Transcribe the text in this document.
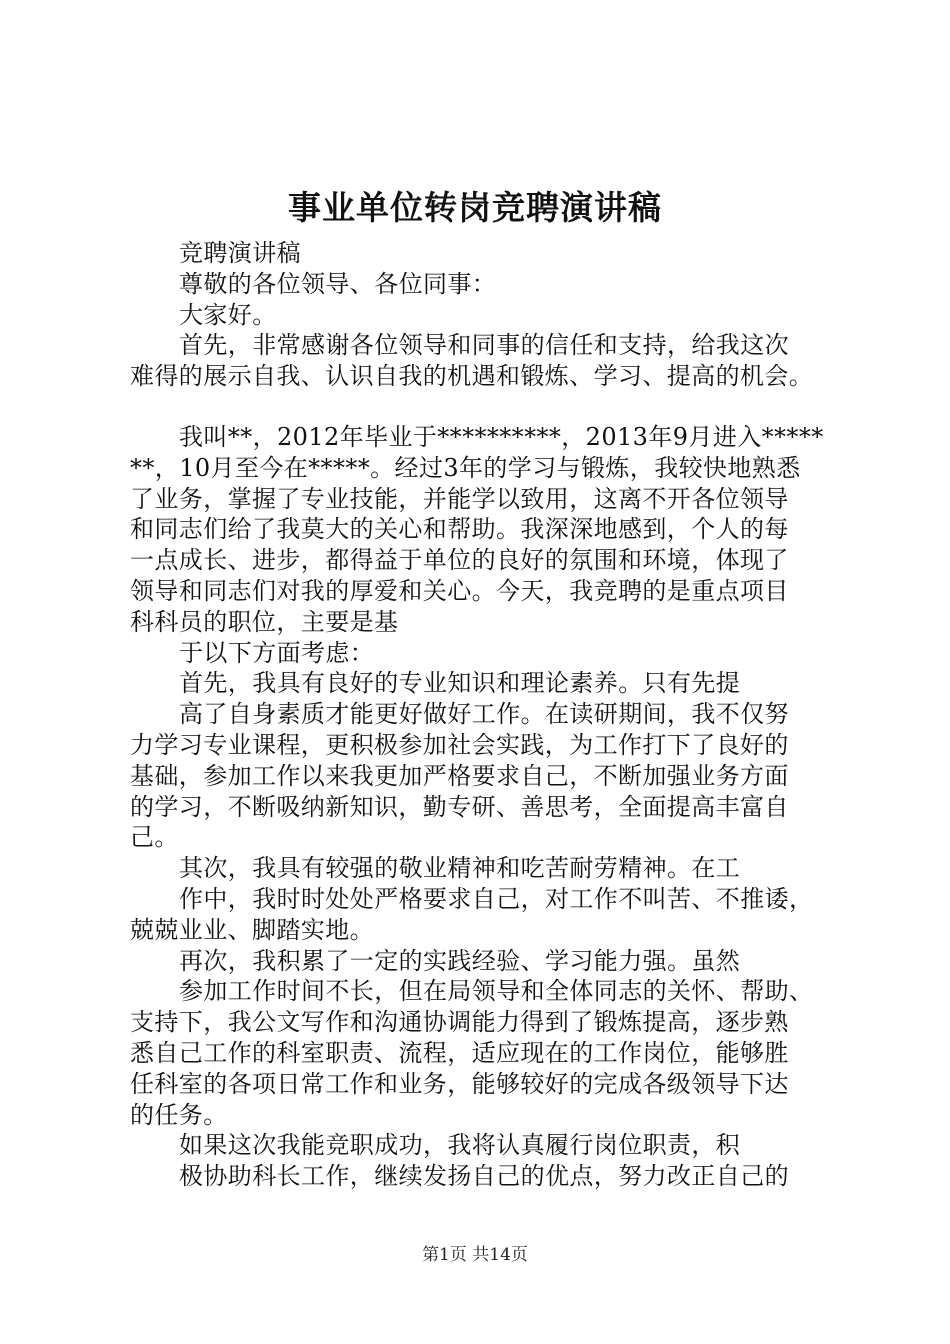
事业单位转岗竞聘演讲稿
竞聘演讲稿
尊敬的各位领导、各位同事：
大家好。
首先，非常感谢各位领导和同事的信任和支持，给我这次
难得的展示自我、认识自我的机遇和锻炼、学习、提高的机会。
我叫**，2012年毕业于**********，2013年9月进入*****
**，10月至今在*****。经过3年的学习与锻炼，我较快地熟悉
了业务，掌握了专业技能，并能学以致用，这离不开各位领导
和同志们给了我莫大的关心和帮助。我深深地感到，个人的每
一点成长、进步，都得益于单位的良好的氛围和环境，体现了
领导和同志们对我的厚爱和关心。今天，我竞聘的是重点项目
科科员的职位，主要是基
于以下方面考虑：
首先，我具有良好的专业知识和理论素养。只有先提
高了自身素质才能更好做好工作。在读研期间，我不仅努
力学习专业课程，更积极参加社会实践，为工作打下了良好的
基础，参加工作以来我更加严格要求自己，不断加强业务方面
的学习，不断吸纳新知识，勤专研、善思考，全面提高丰富自
己。
其次，我具有较强的敬业精神和吃苦耐劳精神。在工
作中，我时时处处严格要求自己，对工作不叫苦、不推诿，
兢兢业业、脚踏实地。
再次，我积累了一定的实践经验、学习能力强。虽然
参加工作时间不长，但在局领导和全体同志的关怀、帮助、
支持下，我公文写作和沟通协调能力得到了锻炼提高，逐步熟
悉自己工作的科室职责、流程，适应现在的工作岗位，能够胜
任科室的各项日常工作和业务，能够较好的完成各级领导下达
的任务。
如果这次我能竞职成功，我将认真履行岗位职责，积
极协助科长工作，继续发扬自己的优点，努力改正自己的
第1页 共14页
